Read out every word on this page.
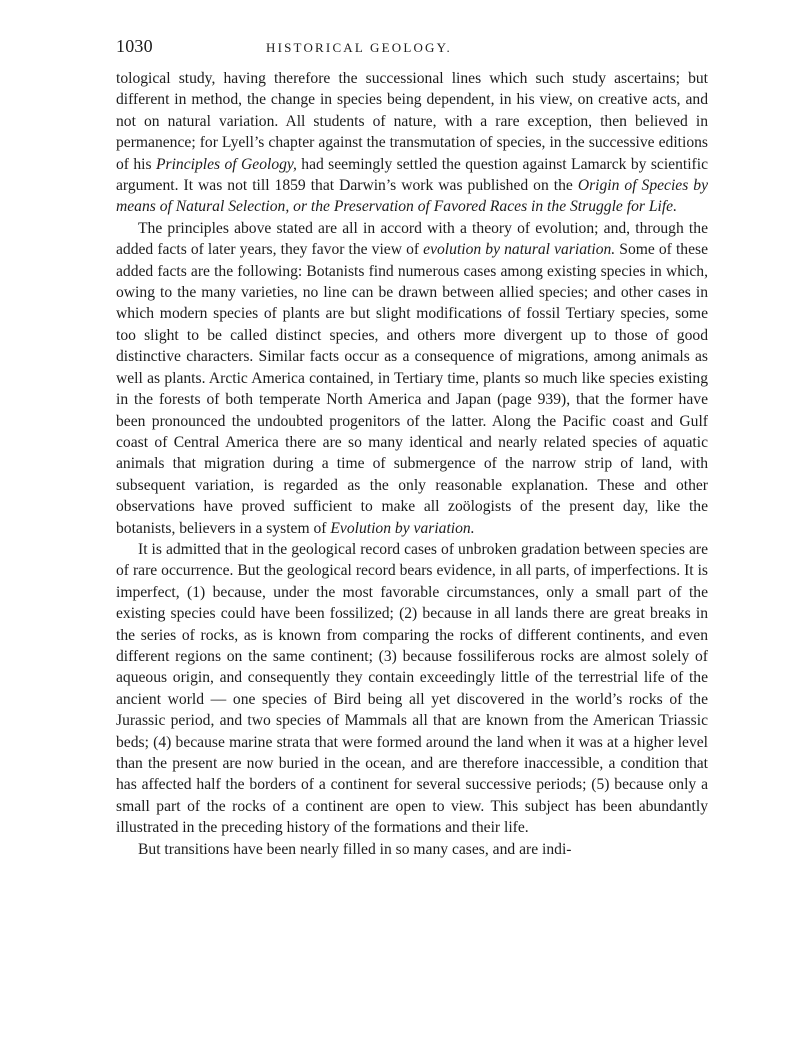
1030	HISTORICAL GEOLOGY.

tological study, having therefore the successional lines which such study ascertains; but different in method, the change in species being dependent, in his view, on creative acts, and not on natural variation. All students of nature, with a rare exception, then believed in permanence; for Lyell’s chapter against the transmutation of species, in the successive editions of his Principles of Geology, had seemingly settled the question against Lamarck by scientific argument. It was not till 1859 that Darwin’s work was published on the Origin of Species by means of Natural Selection, or the Preservation of Favored Races in the Struggle for Life.

The principles above stated are all in accord with a theory of evolution; and, through the added facts of later years, they favor the view of evolution by natural variation. Some of these added facts are the following: Botanists find numerous cases among existing species in which, owing to the many varieties, no line can be drawn between allied species; and other cases in which modern species of plants are but slight modifications of fossil Tertiary species, some too slight to be called distinct species, and others more divergent up to those of good distinctive characters. Similar facts occur as a consequence of migrations, among animals as well as plants. Arctic America contained, in Tertiary time, plants so much like species existing in the forests of both temperate North America and Japan (page 939), that the former have been pronounced the undoubted progenitors of the latter. Along the Pacific coast and Gulf coast of Central America there are so many identical and nearly related species of aquatic animals that migration during a time of submergence of the narrow strip of land, with subsequent variation, is regarded as the only reasonable explanation. These and other observations have proved sufficient to make all zoölogists of the present day, like the botanists, believers in a system of Evolution by variation.

It is admitted that in the geological record cases of unbroken gradation between species are of rare occurrence. But the geological record bears evidence, in all parts, of imperfections. It is imperfect, (1) because, under the most favorable circumstances, only a small part of the existing species could have been fossilized; (2) because in all lands there are great breaks in the series of rocks, as is known from comparing the rocks of different continents, and even different regions on the same continent; (3) because fossiliferous rocks are almost solely of aqueous origin, and consequently they contain exceedingly little of the terrestrial life of the ancient world — one species of Bird being all yet discovered in the world’s rocks of the Jurassic period, and two species of Mammals all that are known from the American Triassic beds; (4) because marine strata that were formed around the land when it was at a higher level than the present are now buried in the ocean, and are therefore inaccessible, a condition that has affected half the borders of a continent for several successive periods; (5) because only a small part of the rocks of a continent are open to view. This subject has been abundantly illustrated in the preceding history of the formations and their life.

But transitions have been nearly filled in so many cases, and are indi-
